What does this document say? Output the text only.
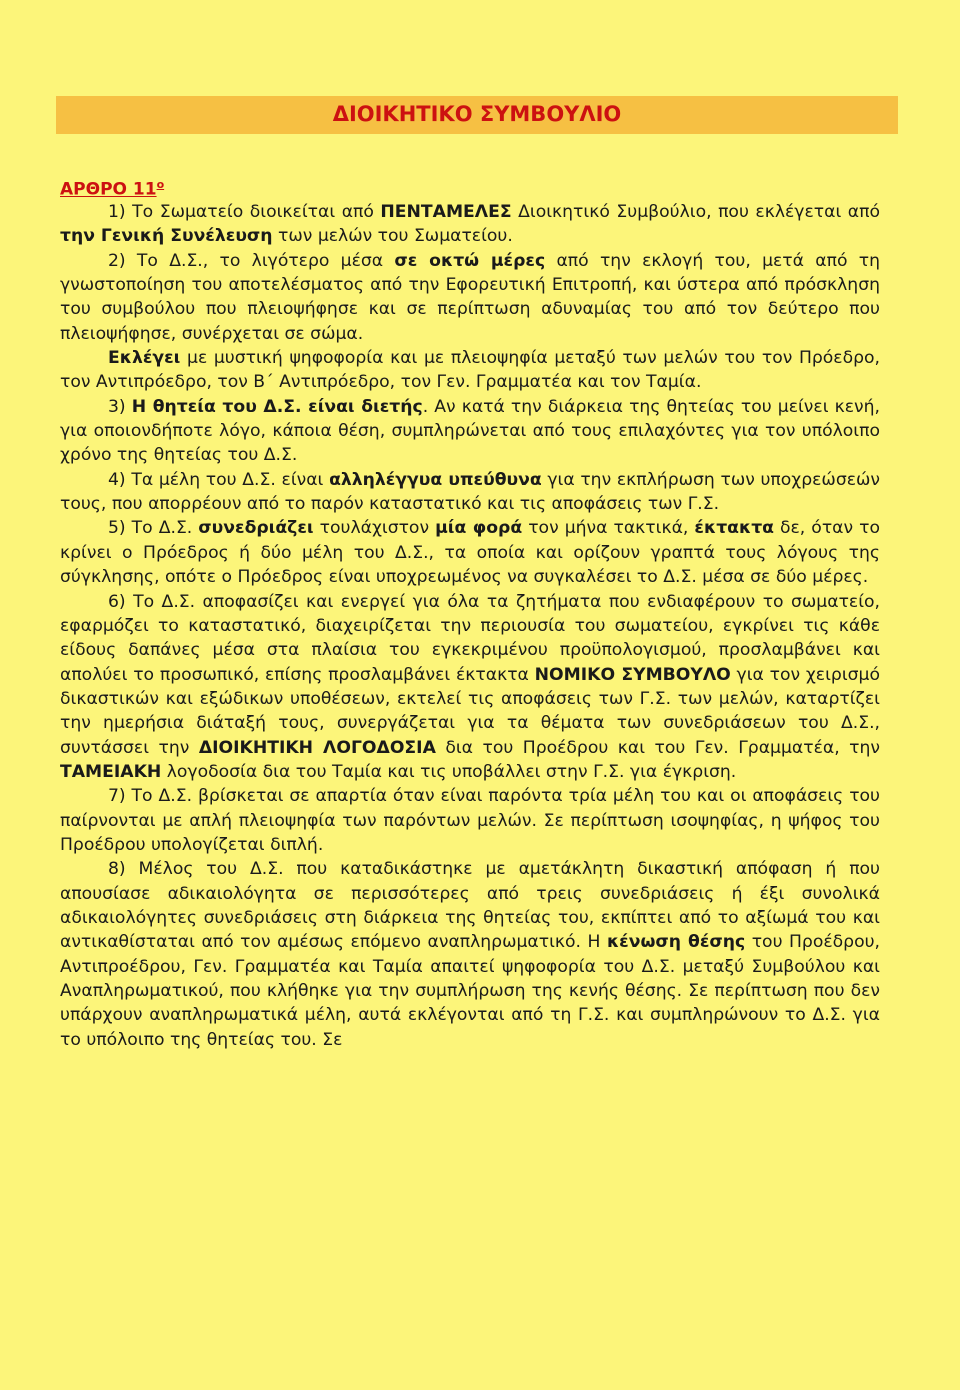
ΔΙΟΙΚΗΤΙΚΟ ΣΥΜΒΟΥΛΙΟ
ΑΡΘΡΟ $11^o$

1) Το Σωματείο διοικείται από ΠΕΝΤΑΜΕΛΕΣ Διοικητικό Συμβούλιο, που εκλέγεται από την Γενική Συνέλευση των μελών του Σωματείου.

2) Το Δ.Σ., το λιγότερο μέσα σε οκτώ μέρες από την εκλογή του, μετά από τη γνωστοποίηση του αποτελέσματος από την Εφορευτική Επιτροπή, και ύστερα από πρόσκληση του συμβούλου που πλειοψήφησε και σε περίπτωση αδυναμίας του από τον δεύτερο που πλειοψήφησε, συνέρχεται σε σώμα.

Εκλέγει με μυστική ψηφοφορία και με πλειοψηφία μεταξύ των μελών του τον Πρόεδρο, τον Αντιπρόεδρο, τον Β΄ Αντιπρόεδρο, τον Γεν. Γραμματέα και τον Ταμία.

3) Η θητεία του Δ.Σ. είναι διετής. Αν κατά την διάρκεια της θητείας του μείνει κενή, για οποιονδήποτε λόγο, κάποια θέση, συμπληρώνεται από τους επιλαχόντες για τον υπόλοιπο χρόνο της θητείας του Δ.Σ.

4) Τα μέλη του Δ.Σ. είναι αλληλέγγυα υπεύθυνα για την εκπλήρωση των υποχρεώσεών τους, που απορρέουν από το παρόν καταστατικό και τις αποφάσεις των Γ.Σ.

5) Το Δ.Σ. συνεδριάζει τουλάχιστον μία φορά τον μήνα τακτικά, έκτακτα δε, όταν το κρίνει ο Πρόεδρος ή δύο μέλη του Δ.Σ., τα οποία και ορίζουν γραπτά τους λόγους της σύγκλησης, οπότε ο Πρόεδρος είναι υποχρεωμένος να συγκαλέσει το Δ.Σ. μέσα σε δύο μέρες.

6) Το Δ.Σ. αποφασίζει και ενεργεί για όλα τα ζητήματα που ενδιαφέρουν το σωματείο, εφαρμόζει το καταστατικό, διαχειρίζεται την περιουσία του σωματείου, εγκρίνει τις κάθε είδους δαπάνες μέσα στα πλαίσια του εγκεκριμένου προϋπολογισμού, προσλαμβάνει και απολύει το προσωπικό, επίσης προσλαμβάνει έκτακτα ΝΟΜΙΚΟ ΣΥΜΒΟΥΛΟ για τον χειρισμό δικαστικών και εξώδικων υποθέσεων, εκτελεί τις αποφάσεις των Γ.Σ. των μελών, καταρτίζει την ημερήσια διάταξή τους, συνεργάζεται για τα θέματα των συνεδριάσεων του Δ.Σ., συντάσσει την ΔΙΟΙΚΗΤΙΚΗ ΛΟΓΟΔΟΣΙΑ δια του Προέδρου και του Γεν. Γραμματέα, την ΤΑΜΕΙΑΚΗ λογοδοσία δια του Ταμία και τις υποβάλλει στην Γ.Σ. για έγκριση.

7) Το Δ.Σ. βρίσκεται σε απαρτία όταν είναι παρόντα τρία μέλη του και οι αποφάσεις του παίρνονται με απλή πλειοψηφία των παρόντων μελών. Σε περίπτωση ισοψηφίας, η ψήφος του Προέδρου υπολογίζεται διπλή.

8) Μέλος του Δ.Σ. που καταδικάστηκε με αμετάκλητη δικαστική απόφαση ή που απουσίασε αδικαιολόγητα σε περισσότερες από τρεις συνεδριάσεις ή έξι συνολικά αδικαιολόγητες συνεδριάσεις στη διάρκεια της θητείας του, εκπίπτει από το αξίωμά του και αντικαθίσταται από τον αμέσως επόμενο αναπληρωματικό. Η κένωση θέσης του Προέδρου, Αντιπροέδρου, Γεν. Γραμματέα και Ταμία απαιτεί ψηφοφορία του Δ.Σ. μεταξύ Συμβούλου και Αναπληρωματικού, που κλήθηκε για την συμπλήρωση της κενής θέσης. Σε περίπτωση που δεν υπάρχουν αναπληρωματικά μέλη, αυτά εκλέγονται από τη Γ.Σ. και συμπληρώνουν το Δ.Σ. για το υπόλοιπο της θητείας του. Σε
